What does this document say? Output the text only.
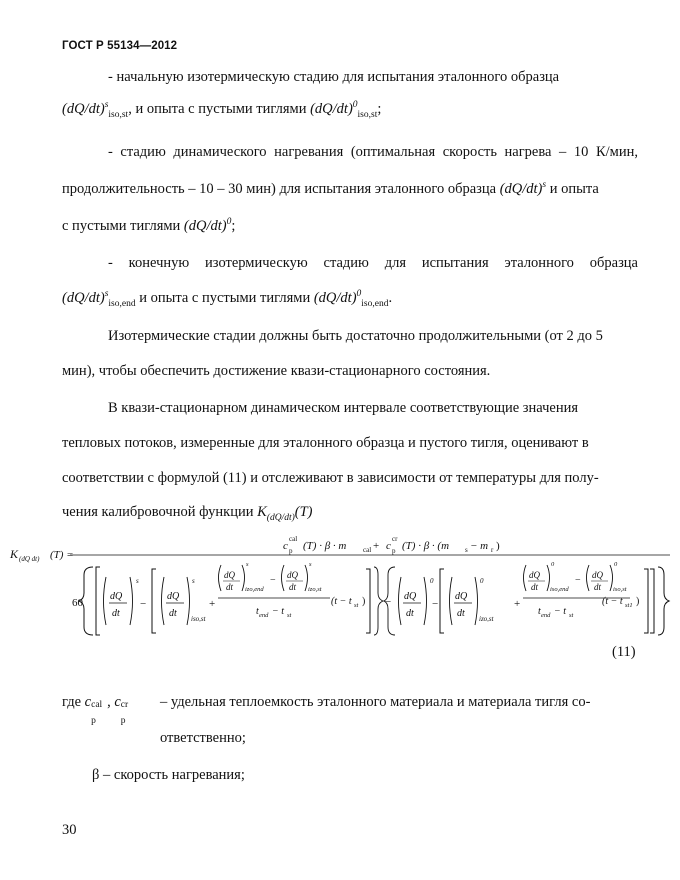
ГОСТ Р 55134—2012
- начальную изотермическую стадию для испытания эталонного образца
$(dQ/dt)^s_{iso,st}$, и опыта с пустыми тиглями $(dQ/dt)^0_{iso,st}$;
- стадию динамического нагревания (оптимальная скорость нагрева – 10 К/мин,
продолжительность – 10 – 30 мин) для испытания эталонного образца $(dQ/dt)^s$ и опыта
с пустыми тиглями $(dQ/dt)^0$;
- конечную изотермическую стадию для испытания эталонного образца
$(dQ/dt)^s_{iso,end}$ и опыта с пустыми тиглями $(dQ/dt)^0_{iso,end}$.
Изотермические стадии должны быть достаточно продолжительными (от 2 до 5
мин), чтобы обеспечить достижение квази-стационарного состояния.
В квази-стационарном динамическом интервале соответствующие значения
тепловых потоков, измеренные для эталонного образца и пустого тигля, оценивают в
соответствии с формулой (11) и отслеживают в зависимости от температуры для полу-
чения калибровочной функции $K_{(dQ/dt)}(T)$
K (dQ dt) (T) =
c
cal
p (T) · β · m cal + c
cr
p (T) · β · (m s − m r )
60
dQ
dt
s
−
dQ
dt
s
iso,st
+
dQ
dt
s
izo,end
− dQ
dt
s
izo,st
t end − t st
(t − t st ) − dQ
dt
0
−
dQ
dt
0
izo,st
+
dQ
dt
0
iso,end
− dQ
dt
0
iso,st
t end − t st
(t − t st1 )
(11)
где c cal
p
, c cr
p
– удельная теплоемкость эталонного материала и материала тигля со-
ответственно;
β – скорость нагревания;
30
